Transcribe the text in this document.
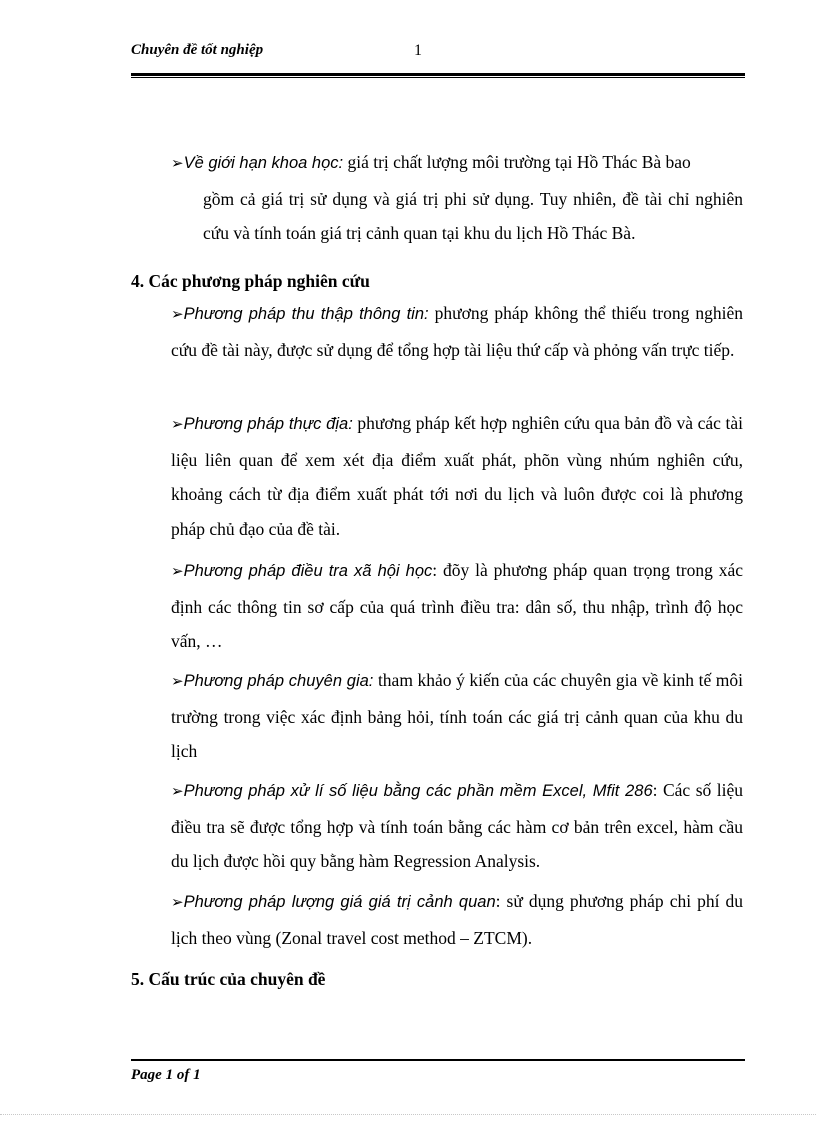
Chuyên đề tốt nghiệp	1
➢Về giới hạn khoa học: giá trị chất lượng môi trường tại Hồ Thác Bà bao
gồm cả giá trị sử dụng và giá trị phi sử dụng. Tuy nhiên, đề tài chỉ nghiên cứu và tính toán giá trị cảnh quan tại khu du lịch Hồ Thác Bà.
4. Các phương pháp nghiên cứu
➢Phương pháp thu thập thông tin: phương pháp không thể thiếu trong nghiên cứu đề tài này, được sử dụng để tổng hợp tài liệu thứ cấp và phỏng vấn trực tiếp.
➢Phương pháp thực địa: phương pháp kết hợp nghiên cứu qua bản đồ và các tài liệu liên quan để xem xét địa điểm xuất phát, phõn vùng nhúm nghiên cứu, khoảng cách từ địa điểm xuất phát tới nơi du lịch và luôn được coi là phương pháp chủ đạo của đề tài.
➢Phương pháp điều tra xã hội học: đõy là phương pháp quan trọng trong xác định các thông tin sơ cấp của quá trình điều tra: dân số, thu nhập, trình độ học vấn, …
➢Phương pháp chuyên gia: tham khảo ý kiến của các chuyên gia về kinh tế môi trường trong việc xác định bảng hỏi, tính toán các giá trị cảnh quan của khu du lịch
➢Phương pháp xử lí số liệu bằng các phần mềm Excel, Mfit 286: Các số liệu điều tra sẽ được tổng hợp và tính toán bằng các hàm cơ bản trên excel, hàm cầu du lịch được hồi quy bằng hàm Regression Analysis.
➢Phương pháp lượng giá giá trị cảnh quan: sử dụng phương pháp chi phí du lịch theo vùng (Zonal travel cost method – ZTCM).
5. Cấu trúc của chuyên đề
Page 1 of 1
